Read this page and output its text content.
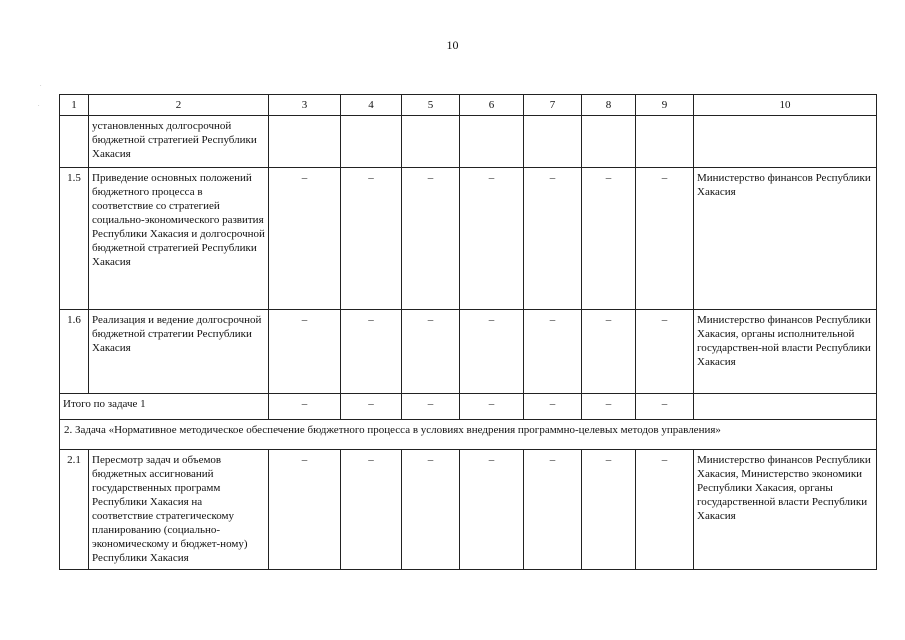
10
.
.	1	2	3	4	5	6	7	8	9	10
	установленных долгосрочной бюджетной стратегией Республики Хакасия								
1.5	Приведение основных положений бюджетного процесса в соответствие со стратегией социально-экономического развития Республики Хакасия и долгосрочной бюджетной стратегией Республики Хакасия	–	–	–	–	–	–	–	Министерство финансов Республики Хакасия
1.6	Реализация и ведение долгосрочной бюджетной стратегии Республики Хакасия	–	–	–	–	–	–	–	Министерство финансов Республики Хакасия, органы исполнительной государствен-ной власти Республики Хакасия
Итого по задаче 1		–	–	–	–	–	–	–	
2. Задача «Нормативное методическое обеспечение бюджетного процесса в условиях внедрения программно-целевых методов управления»									
2.1	Пересмотр задач и объемов бюджетных ассигнований государственных программ Республики Хакасия на соответствие стратегическому планированию (социально-экономическому и бюджет-ному) Республики Хакасия	–	–	–	–	–	–	–	Министерство финансов Республики Хакасия, Министерство экономики Республики Хакасия, органы государственной власти Республики Хакасия
